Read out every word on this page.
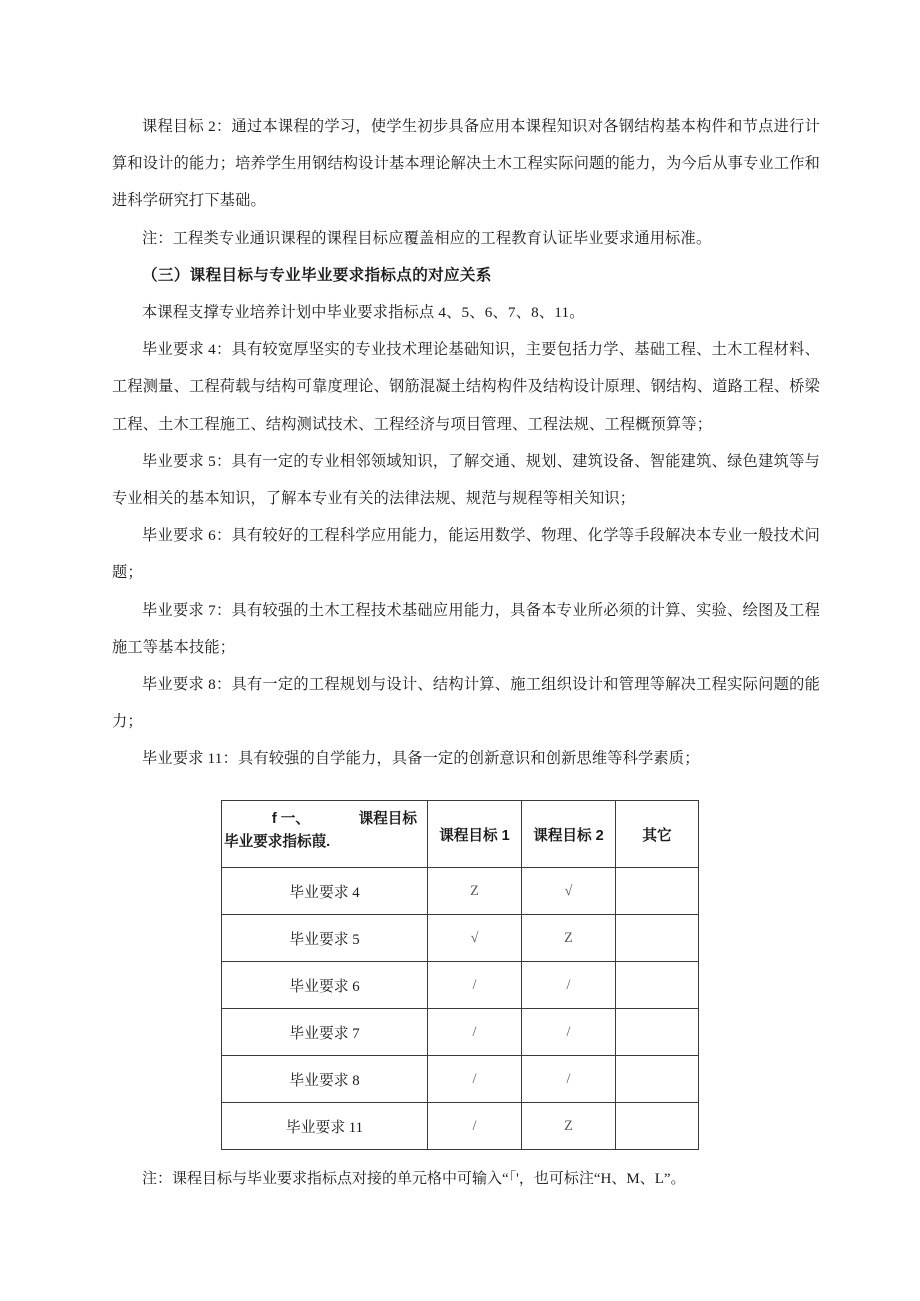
课程目标 2：通过本课程的学习，使学生初步具备应用本课程知识对各钢结构基本构件和节点进行计算和设计的能力；培养学生用钢结构设计基本理论解决土木工程实际问题的能力，为今后从事专业工作和进科学研究打下基础。

注：工程类专业通识课程的课程目标应覆盖相应的工程教育认证毕业要求通用标准。

（三）课程目标与专业毕业要求指标点的对应关系

本课程支撑专业培养计划中毕业要求指标点 4、5、6、7、8、11。

毕业要求 4：具有较宽厚坚实的专业技术理论基础知识，主要包括力学、基础工程、土木工程材料、工程测量、工程荷载与结构可靠度理论、钢筋混凝土结构构件及结构设计原理、钢结构、道路工程、桥梁工程、土木工程施工、结构测试技术、工程经济与项目管理、工程法规、工程概预算等；

毕业要求 5：具有一定的专业相邻领域知识，了解交通、规划、建筑设备、智能建筑、绿色建筑等与专业相关的基本知识，了解本专业有关的法律法规、规范与规程等相关知识；

毕业要求 6：具有较好的工程科学应用能力，能运用数学、物理、化学等手段解决本专业一般技术问题；

毕业要求 7：具有较强的土木工程技术基础应用能力，具备本专业所必须的计算、实验、绘图及工程施工等基本技能；

毕业要求 8：具有一定的工程规划与设计、结构计算、施工组织设计和管理等解决工程实际问题的能力；

毕业要求 11：具有较强的自学能力，具备一定的创新意识和创新思维等科学素质；

f 一、            课程目标
毕业要求指标葭.	课程目标 1	课程目标 2	其它
毕业要求 4	Z	√	
毕业要求 5	√	Z	
毕业要求 6	/	/	
毕业要求 7	/	/	
毕业要求 8	/	/	
毕业要求 11	/	Z	
注：课程目标与毕业要求指标点对接的单元格中可输入“「'，也可标注“H、M、L”。
